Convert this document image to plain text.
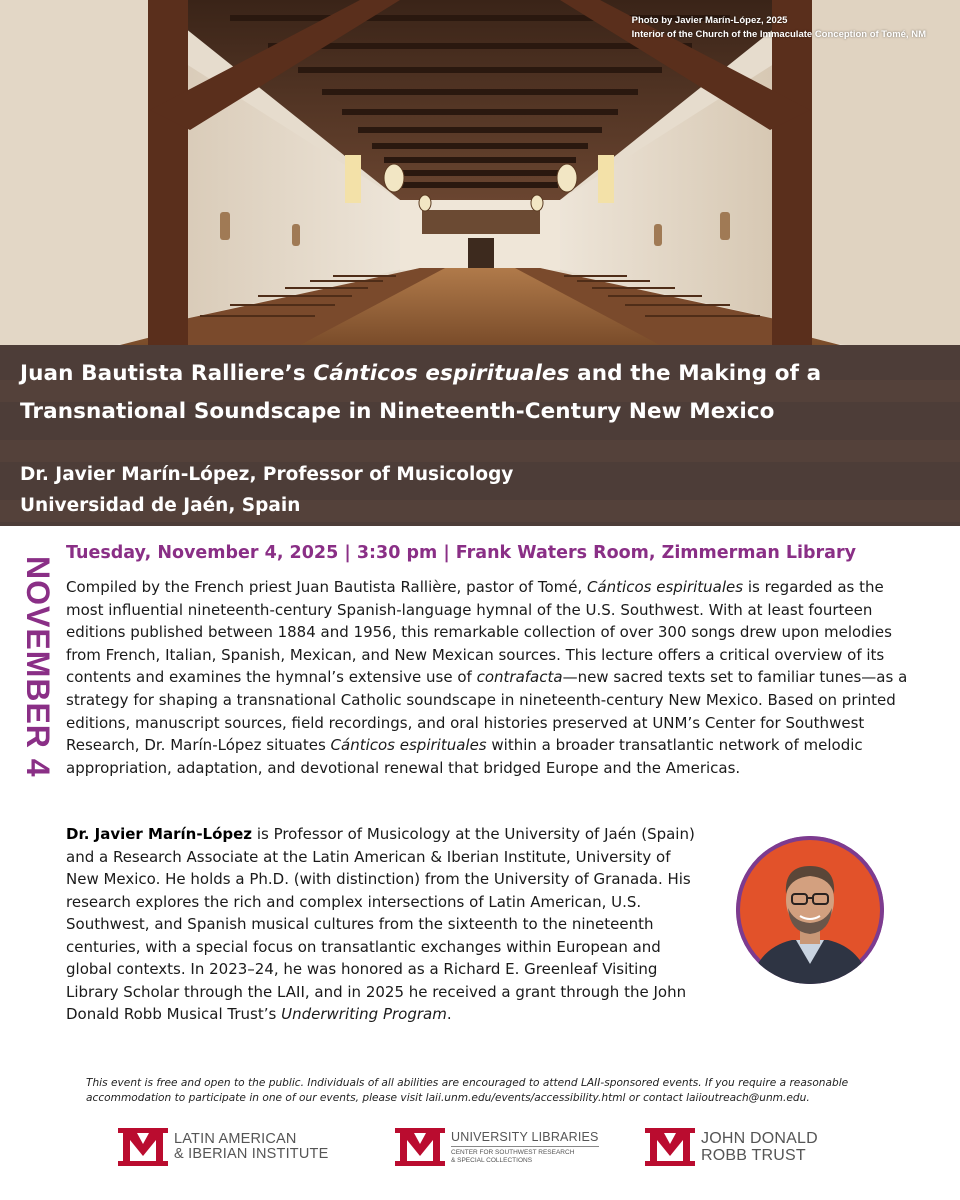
Photo by Javier Marín-López, 2025
Interior of the Church of the Immaculate Conception of Tomé, NM
Juan Bautista Ralliere’s Cánticos espirituales and the Making of a Transnational Soundscape in Nineteenth-Century New Mexico
Dr. Javier Marín-López, Professor of Musicology
Universidad de Jaén, Spain
NOVEMBER 4

Tuesday, November 4, 2025 | 3:30 pm | Frank Waters Room, Zimmerman Library

Compiled by the French priest Juan Bautista Rallière, pastor of Tomé, Cánticos espirituales is regarded as the most influential nineteenth-century Spanish-language hymnal of the U.S. Southwest. With at least fourteen editions published between 1884 and 1956, this remarkable collection of over 300 songs drew upon melodies from French, Italian, Spanish, Mexican, and New Mexican sources. This lecture offers a critical overview of its contents and examines the hymnal’s extensive use of contrafacta—new sacred texts set to familiar tunes—as a strategy for shaping a transnational Catholic soundscape in nineteenth-century New Mexico. Based on printed editions, manuscript sources, field recordings, and oral histories preserved at UNM’s Center for Southwest Research, Dr. Marín-López situates Cánticos espirituales within a broader transatlantic network of melodic appropriation, adaptation, and devotional renewal that bridged Europe and the Americas.

Dr. Javier Marín-López is Professor of Musicology at the University of Jaén (Spain) and a Research Associate at the Latin American & Iberian Institute, University of New Mexico. He holds a Ph.D. (with distinction) from the University of Granada. His research explores the rich and complex intersections of Latin American, U.S. Southwest, and Spanish musical cultures from the sixteenth to the nineteenth centuries, with a special focus on transatlantic exchanges within European and global contexts. In 2023–24, he was honored as a Richard E. Greenleaf Visiting Library Scholar through the LAII, and in 2025 he received a grant through the John Donald Robb Musical Trust’s Underwriting Program.

This event is free and open to the public. Individuals of all abilities are encouraged to attend LAII-sponsored events. If you require a reasonable accommodation to participate in one of our events, please visit laii.unm.edu/events/accessibility.html or contact laiioutreach@unm.edu.

LATIN AMERICAN
& IBERIAN INSTITUTE
UNIVERSITY LIBRARIES
CENTER FOR SOUTHWEST RESEARCH
& SPECIAL COLLECTIONS
JOHN DONALD
ROBB TRUST
